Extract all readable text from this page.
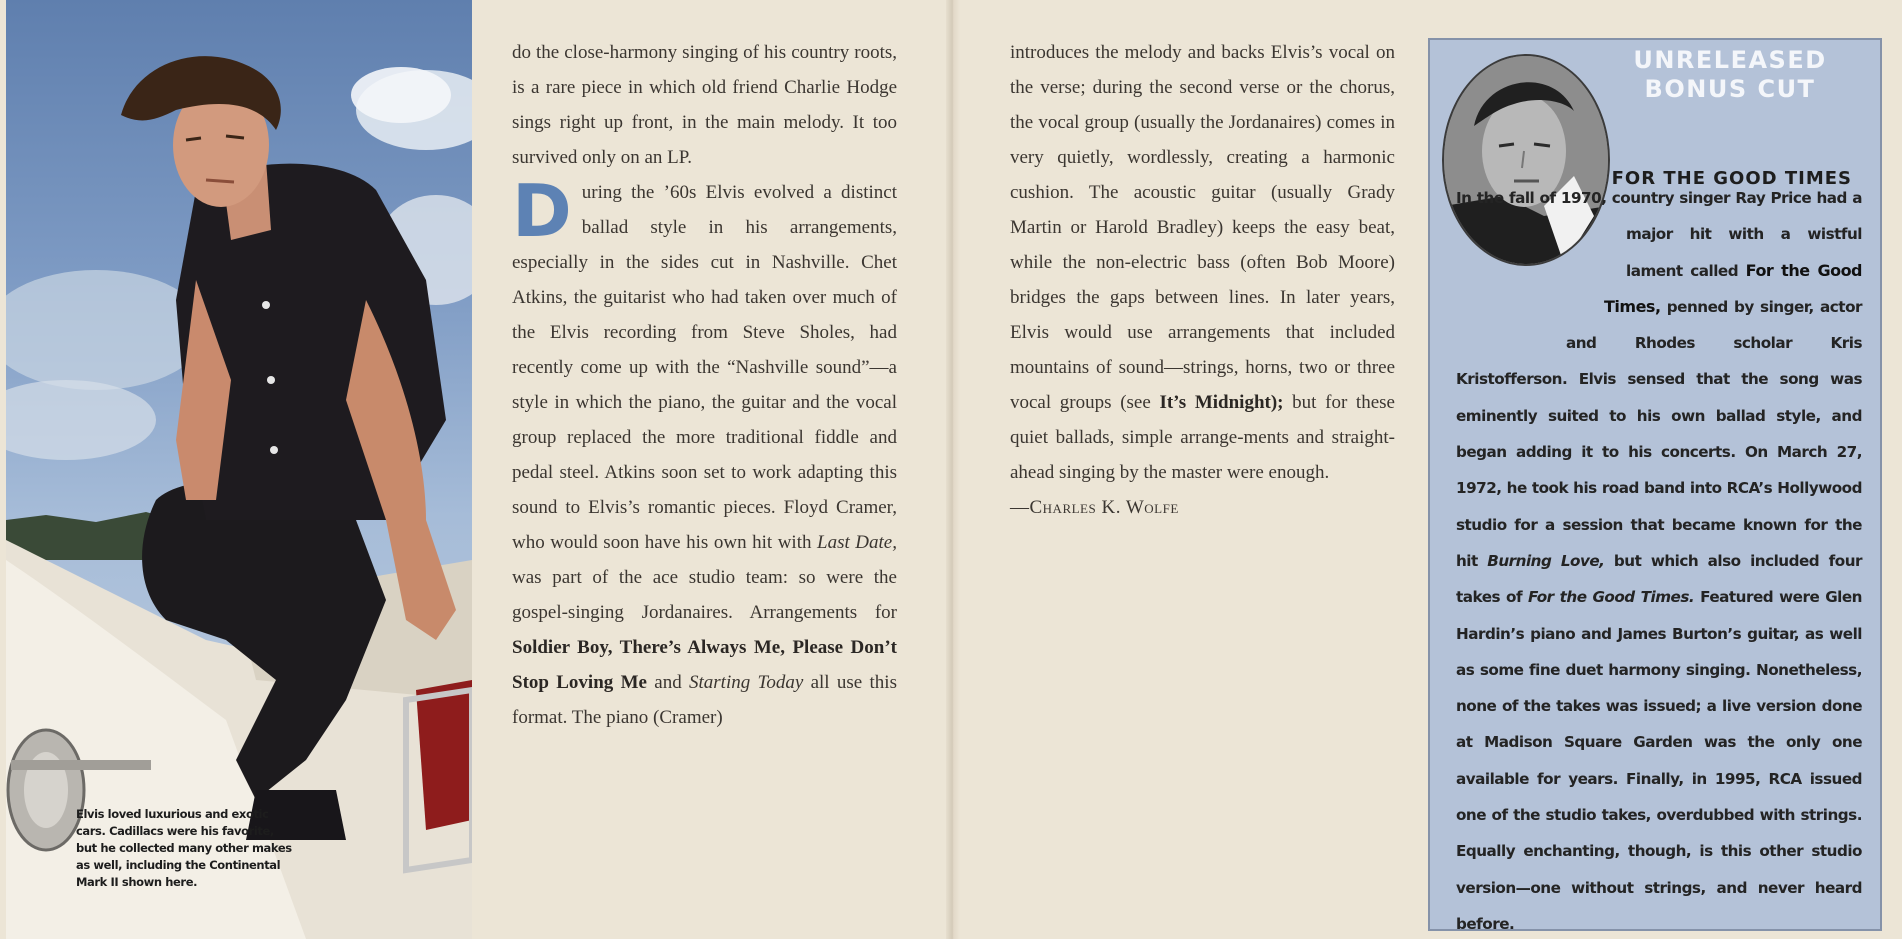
Elvis loved luxurious and exotic
cars. Cadillacs were his favorite,
but he collected many other makes
as well, including the Continental
Mark II shown here.

do the close-harmony singing of his country roots, is a rare piece in which old friend Charlie Hodge sings right up front, in the main melody. It too survived only on an LP.

During the ’60s Elvis evolved a distinct ballad style in his arrangements, especially in the sides cut in Nashville. Chet Atkins, the guitarist who had taken over much of the Elvis recording from Steve Sholes, had recently come up with the “Nashville sound”—a style in which the piano, the guitar and the vocal group replaced the more traditional fiddle and pedal steel. Atkins soon set to work adapting this sound to Elvis’s romantic pieces. Floyd Cramer, who would soon have his own hit with Last Date, was part of the ace studio team: so were the gospel-singing Jordanaires. Arrangements for Soldier Boy, There’s Always Me, Please Don’t Stop Loving Me and Starting Today all use this format. The piano (Cramer)

introduces the melody and backs Elvis’s vocal on the verse; during the second verse or the chorus, the vocal group (usually the Jordanaires) comes in very quietly, wordlessly, creating a harmonic cushion. The acoustic guitar (usually Grady Martin or Harold Bradley) keeps the easy beat, while the non-electric bass (often Bob Moore) bridges the gaps between lines. In later years, Elvis would use arrangements that included mountains of sound—strings, horns, two or three vocal groups (see It’s Midnight); but for these quiet ballads, simple arrange-ments and straight-ahead singing by the master were enough.

—Charles K. Wolfe

UNRELEASED
BONUS CUT
FOR THE GOOD TIMES

In the fall of 1970, country singer Ray Price had a major hit with a wistful lament called For the Good Times, penned by singer, actor and Rhodes scholar Kris Kristofferson. Elvis sensed that the song was eminently suited to his own ballad style, and began adding it to his concerts. On March 27, 1972, he took his road band into RCA’s Hollywood studio for a session that became known for the hit Burning Love, but which also included four takes of For the Good Times. Featured were Glen Hardin’s piano and James Burton’s guitar, as well as some fine duet harmony singing. Nonetheless, none of the takes was issued; a live version done at Madison Square Garden was the only one available for years. Finally, in 1995, RCA issued one of the studio takes, overdubbed with strings. Equally enchanting, though, is this other studio version—one without strings, and never heard before.
